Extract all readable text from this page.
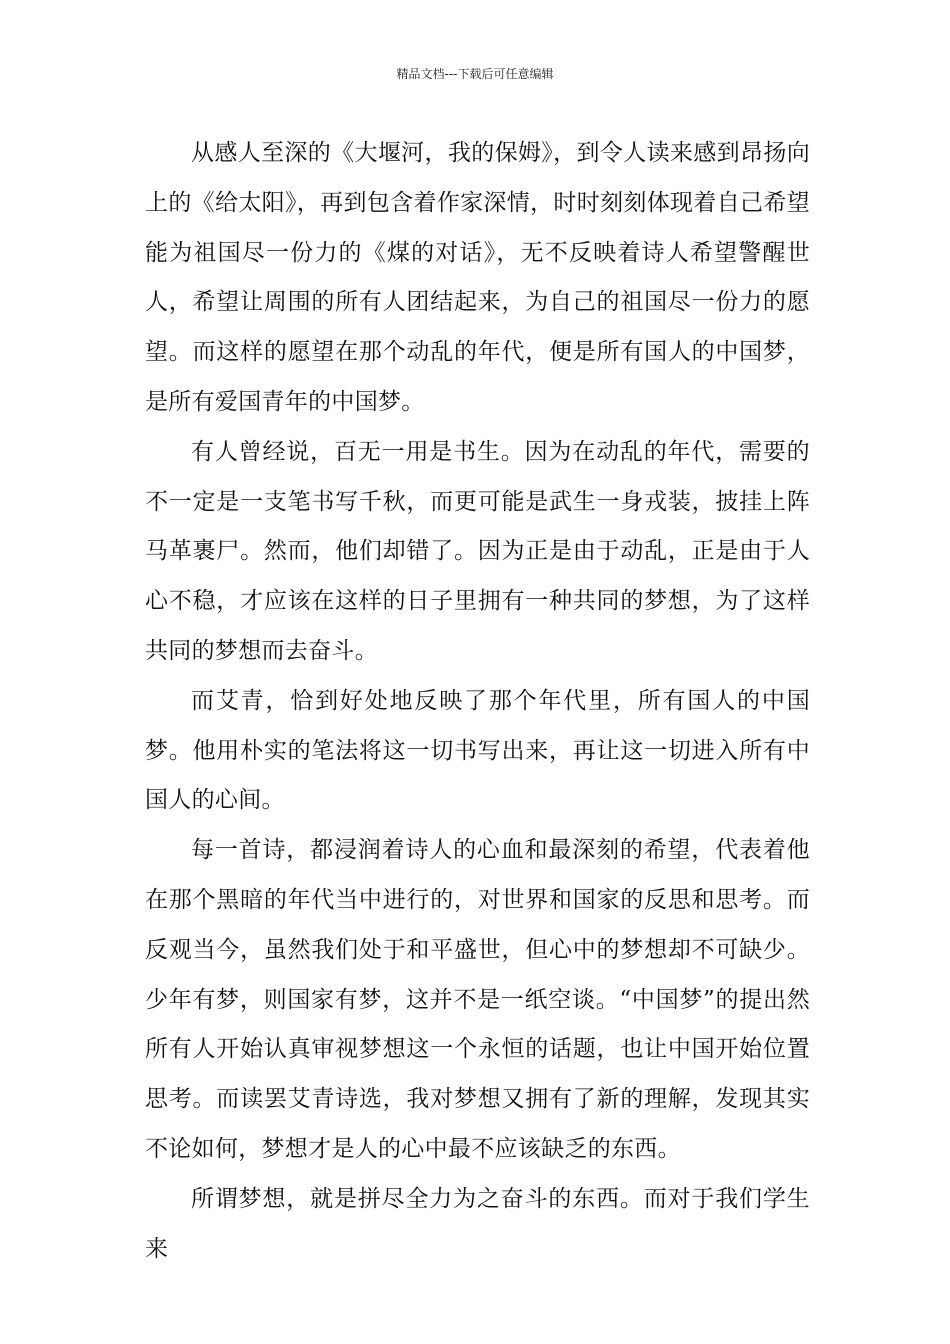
精品文档---下载后可任意编辑

从感人至深的《大堰河，我的保姆》，到令人读来感到昂扬向上的《给太阳》，再到包含着作家深情，时时刻刻体现着自己希望能为祖国尽一份力的《煤的对话》，无不反映着诗人希望警醒世人，希望让周围的所有人团结起来，为自己的祖国尽一份力的愿望。而这样的愿望在那个动乱的年代，便是所有国人的中国梦，是所有爱国青年的中国梦。

有人曾经说，百无一用是书生。因为在动乱的年代，需要的不一定是一支笔书写千秋，而更可能是武生一身戎装，披挂上阵马革裹尸。然而，他们却错了。因为正是由于动乱，正是由于人心不稳，才应该在这样的日子里拥有一种共同的梦想，为了这样共同的梦想而去奋斗。

而艾青，恰到好处地反映了那个年代里，所有国人的中国梦。他用朴实的笔法将这一切书写出来，再让这一切进入所有中国人的心间。

每一首诗，都浸润着诗人的心血和最深刻的希望，代表着他在那个黑暗的年代当中进行的，对世界和国家的反思和思考。而反观当今，虽然我们处于和平盛世，但心中的梦想却不可缺少。少年有梦，则国家有梦，这并不是一纸空谈。“中国梦”的提出然所有人开始认真审视梦想这一个永恒的话题，也让中国开始位置思考。而读罢艾青诗选，我对梦想又拥有了新的理解，发现其实不论如何，梦想才是人的心中最不应该缺乏的东西。

所谓梦想，就是拼尽全力为之奋斗的东西。而对于我们学生来
